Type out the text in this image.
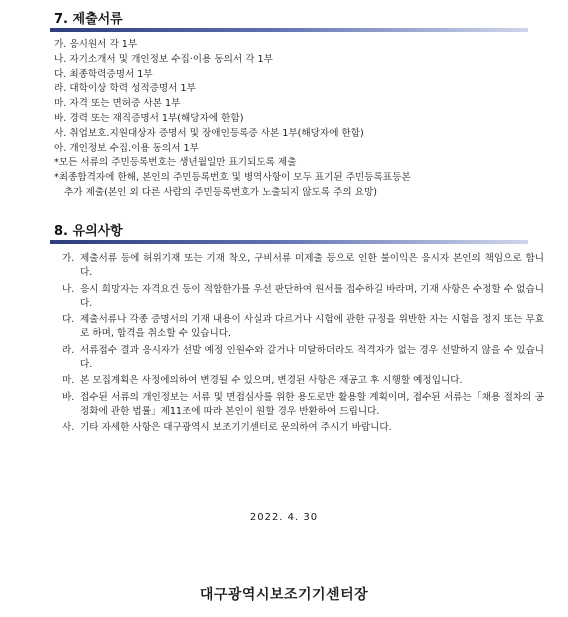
7. 제출서류
가. 응시원서 각 1부
나. 자기소개서 및 개인정보 수집·이용 동의서 각 1부
다. 최종학력증명서 1부
라. 대학이상 학력 성적증명서 1부
마. 자격 또는 면허증 사본 1부
바. 경력 또는 재직증명서 1부(해당자에 한함)
사. 취업보호.지원대상자 증명서 및 장애인등록증 사본 1부(해당자에 한함)
아. 개인정보 수집.이용 동의서 1부
*모든 서류의 주민등록번호는 생년월일만 표기되도록 제출
*최종합격자에 한해, 본인의 주민등록번호 및 병역사항이 모두 표기된 주민등록표등본
추가 제출(본인 외 다른 사람의 주민등록번호가 노출되지 않도록 주의 요망)
8. 유의사항
가. 제출서류 등에 허위기재 또는 기재 착오, 구비서류 미제출 등으로 인한 불이익은 응시자 본인의 책임으로 합니다.
나. 응시 희망자는 자격요건 등이 적합한가를 우선 판단하여 원서를 접수하길 바라며, 기재 사항은 수정할 수 없습니다.
다. 제출서류나 각종 증명서의 기재 내용이 사실과 다르거나 시험에 관한 규정을 위반한 자는 시험을 정지 또는 무효로 하며, 합격을 취소할 수 있습니다.
라. 서류접수 결과 응시자가 선발 예정 인원수와 같거나 미달하더라도 적격자가 없는 경우 선발하지 않을 수 있습니다.
마. 본 모집계획은 사정에의하여 변경될 수 있으며, 변경된 사항은 재공고 후 시행할 예정입니다.
바. 접수된 서류의 개인정보는 서류 및 면접심사를 위한 용도로만 활용할 계획이며, 접수된 서류는「채용 절차의 공정화에 관한 법률」제11조에 따라 본인이 원할 경우 반환하여 드립니다.
사. 기타 자세한 사항은 대구광역시 보조기기센터로 문의하여 주시기 바랍니다.
2022. 4. 30
대구광역시보조기기센터장
